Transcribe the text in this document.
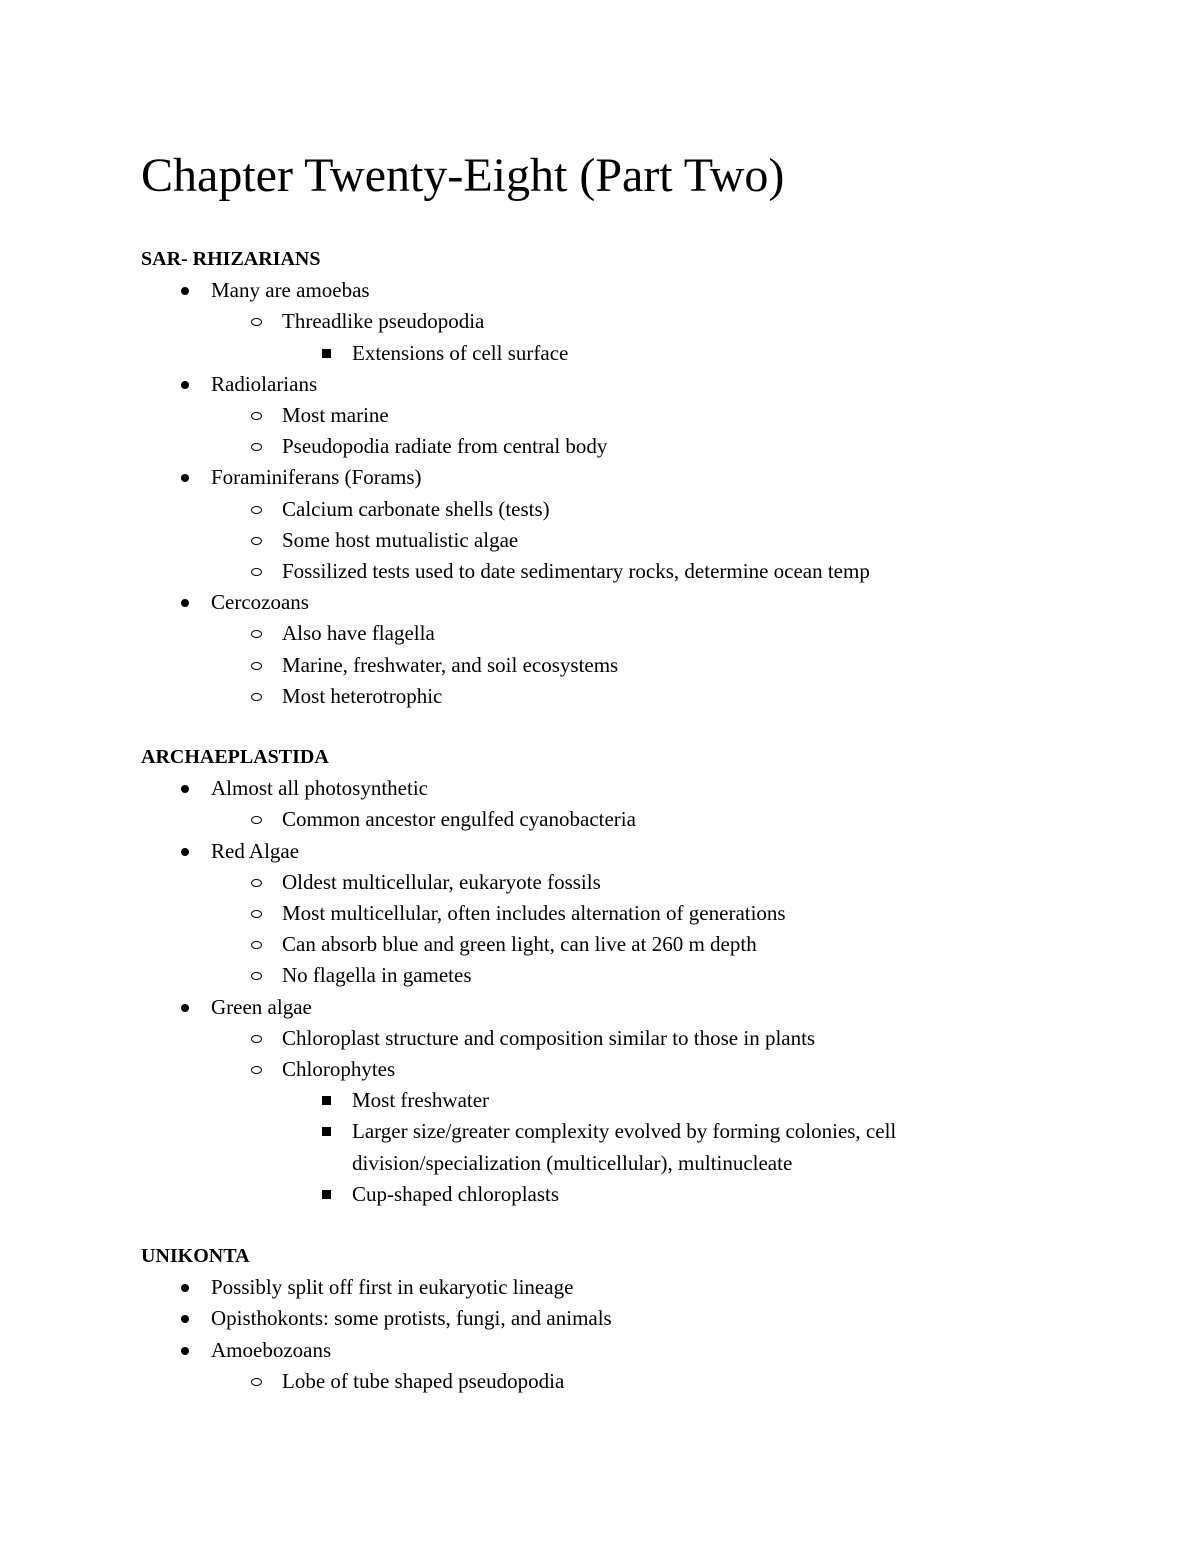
Chapter Twenty-Eight (Part Two)
SAR- RHIZARIANS
Many are amoebas
Threadlike pseudopodia
Extensions of cell surface
Radiolarians
Most marine
Pseudopodia radiate from central body
Foraminiferans (Forams)
Calcium carbonate shells (tests)
Some host mutualistic algae
Fossilized tests used to date sedimentary rocks, determine ocean temp
Cercozoans
Also have flagella
Marine, freshwater, and soil ecosystems
Most heterotrophic
ARCHAEPLASTIDA
Almost all photosynthetic
Common ancestor engulfed cyanobacteria
Red Algae
Oldest multicellular, eukaryote fossils
Most multicellular, often includes alternation of generations
Can absorb blue and green light, can live at 260 m depth
No flagella in gametes
Green algae
Chloroplast structure and composition similar to those in plants
Chlorophytes
Most freshwater
Larger size/greater complexity evolved by forming colonies, cell
division/specialization (multicellular), multinucleate
Cup-shaped chloroplasts
UNIKONTA
Possibly split off first in eukaryotic lineage
Opisthokonts: some protists, fungi, and animals
Amoebozoans
Lobe of tube shaped pseudopodia
